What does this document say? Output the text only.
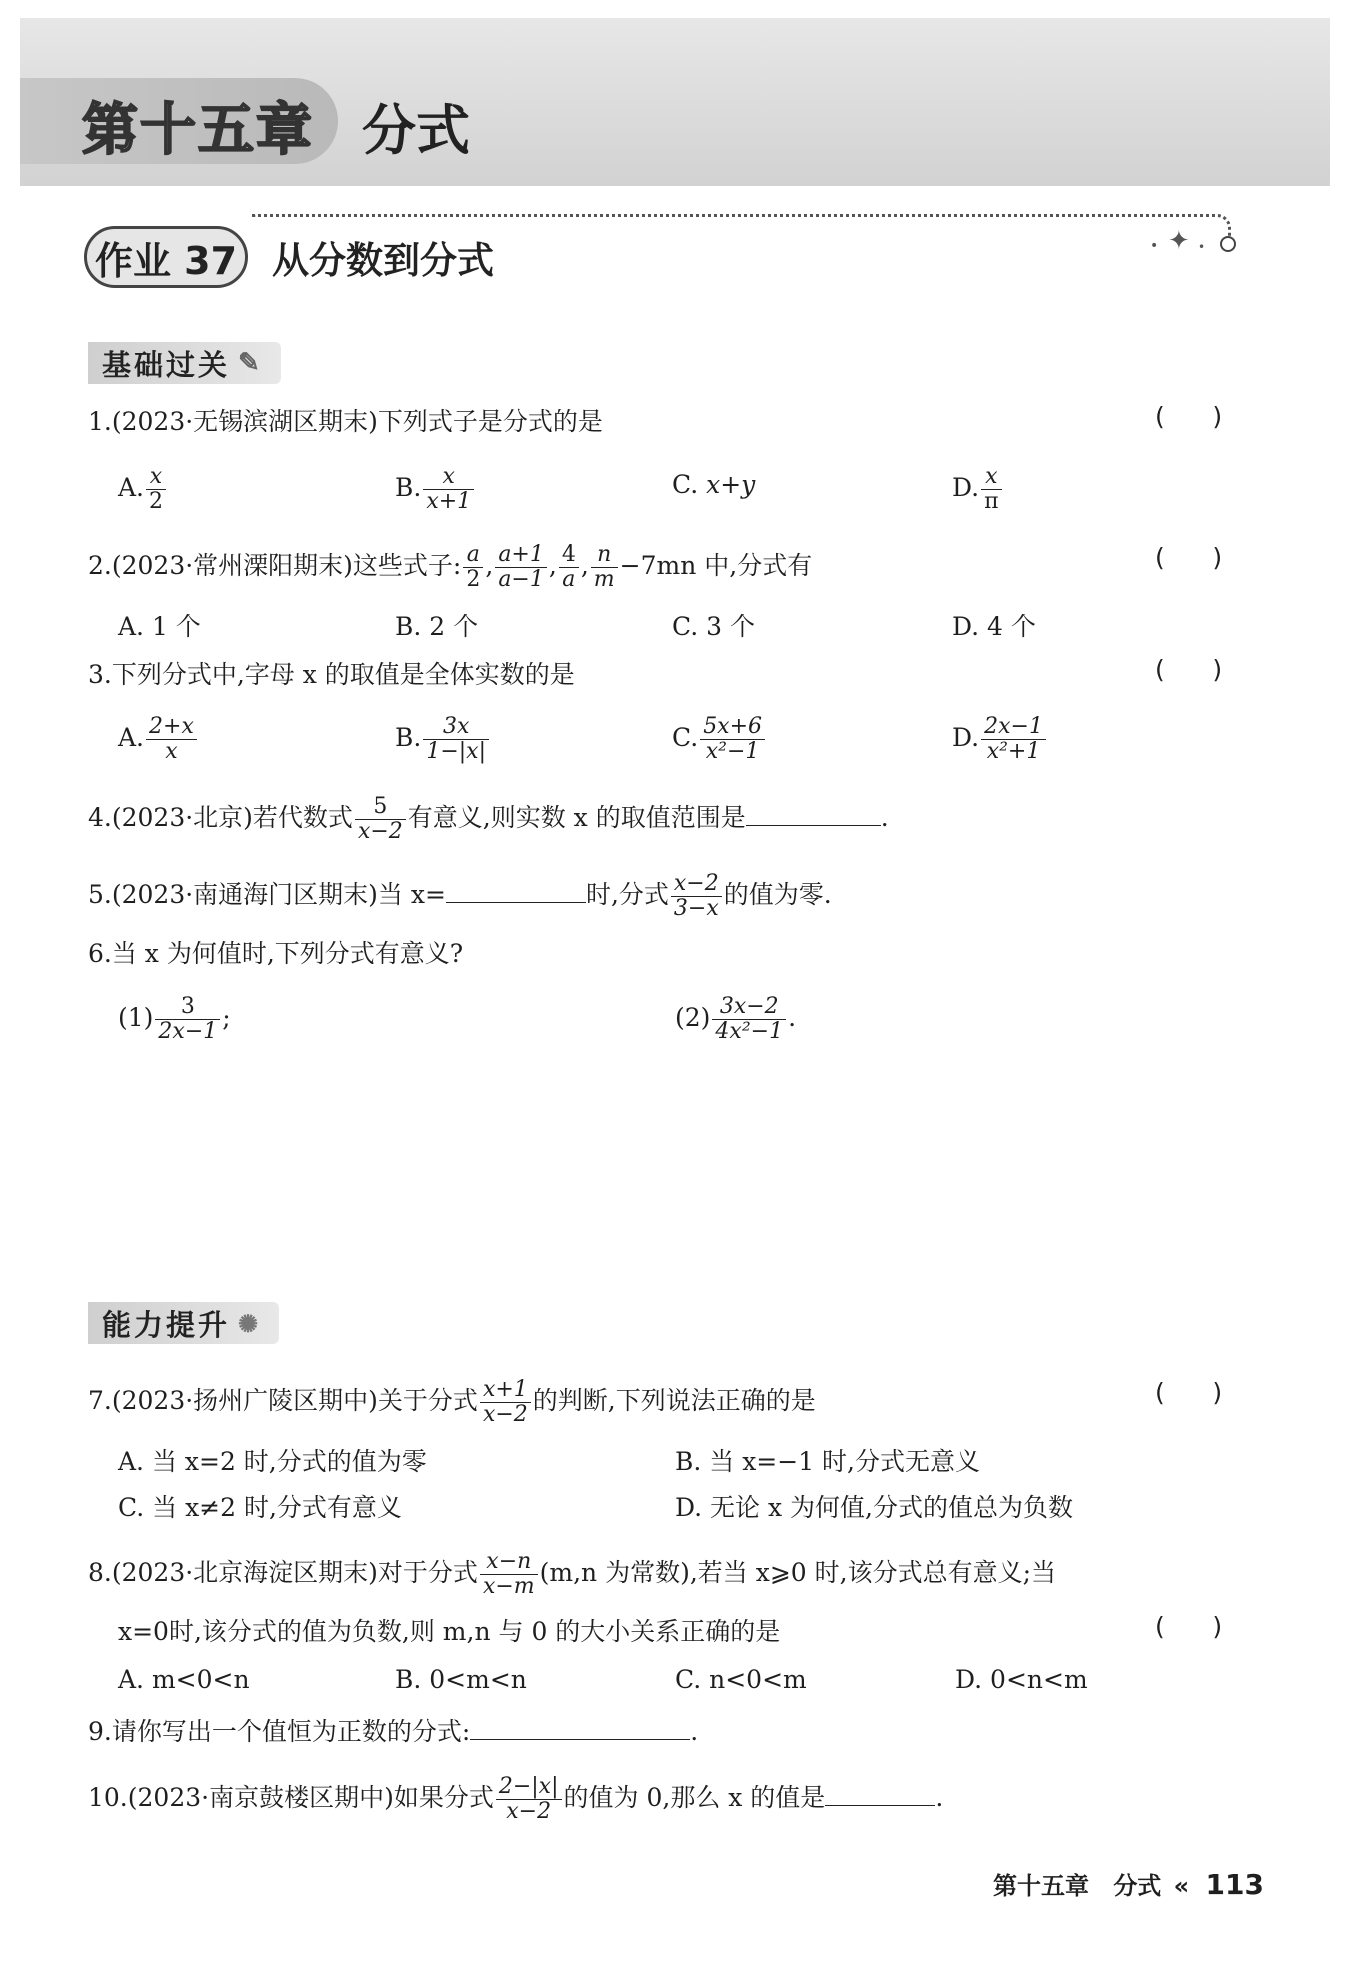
第十五章 分式
✦
•	•
作业 37 从分数到分式
基础过关 ✎
1.(2023·无锡滨湖区期末)下列式子是分式的是	(      )
A. $\frac{x}{2}$	B. $\frac{x}{x+1}$	C. x+y	D. $\frac{x}{\pi}$
2.(2023·常州溧阳期末)这些式子: $\frac{a}{2}$ , $\frac{a+1}{a-1}$ , $\frac{4}{a}$ , $\frac{n}{m} -7mn$ 中,分式有	(      )
A. 1 个	B. 2 个	C. 3 个	D. 4 个
3.下列分式中,字母 x 的取值是全体实数的是	(      )
A. $\frac{2+x}{x}$	B. $\frac{3x}{1-|x|}$	C. $\frac{5x+6}{\text{x²−1}}$	D. $\frac{2x-1}{\text{x²+1}}$
4.(2023·北京)若代数式 $\frac{5}{x-2}$ 有意义,则实数 x 的取值范围是	.
5.(2023·南通海门区期末)当 x=	时,分式 $\frac{x-2}{3-x}$ 的值为零.
6.当 x 为何值时,下列分式有意义?
$(1) \frac{3}{2x-1}$ ;	$(2) \frac{3x-2}{\text{4x²−1}}$ .
能力提升 ✺
7.(2023·扬州广陵区期中)关于分式 $\frac{x+1}{x-2}$ 的判断,下列说法正确的是	(      )
A. 当 x=2 时,分式的值为零	B. 当 x=−1 时,分式无意义
C. 当 x≠2 时,分式有意义	D. 无论 x 为何值,分式的值总为负数
8.(2023·北京海淀区期末)对于分式 $\frac{x-n}{x-m} (m,n$ 为常数),若当 x⩾0 时,该分式总有意义;当
x=0时,该分式的值为负数,则 m,n 与 0 的大小关系正确的是	(      )
A. m<0<n	B. 0<m<n	C. n<0<m	D. 0<n<m
9.请你写出一个值恒为正数的分式:	.
10.(2023·南京鼓楼区期中)如果分式 $\frac{2-|x|}{x-2}$ 的值为 0,那么 x 的值是	.
第十五章 分式 « 113
